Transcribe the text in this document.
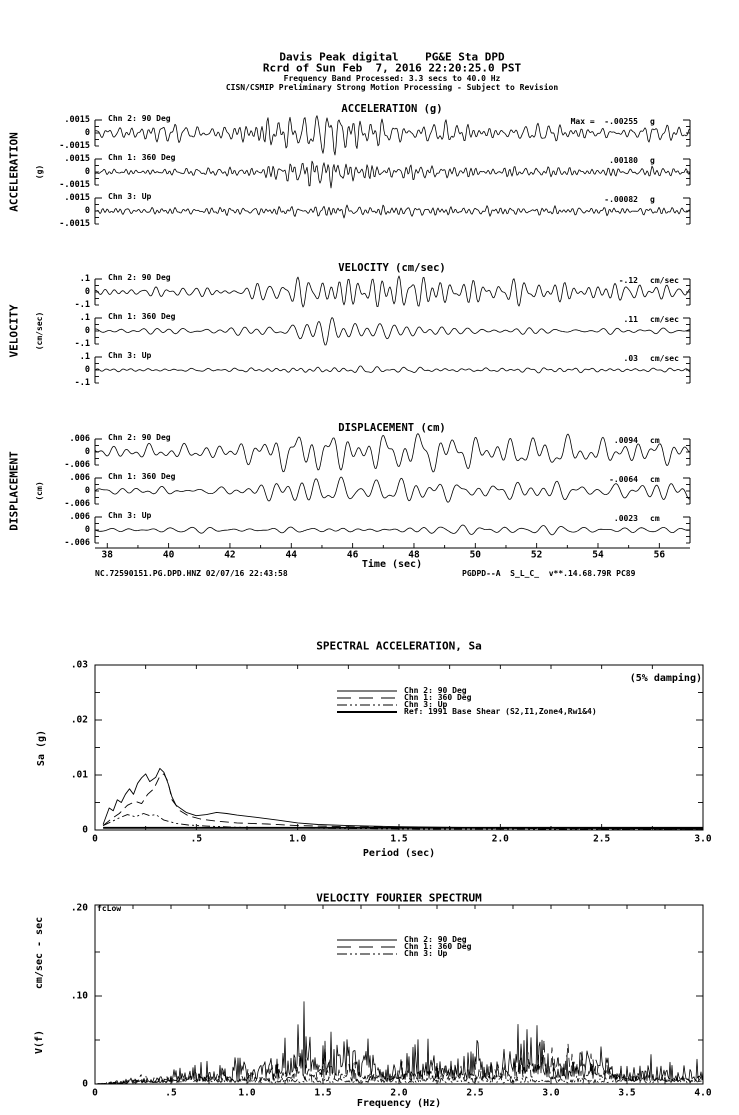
Davis Peak digital    PG&E Sta DPD
Rcrd of Sun Feb  7, 2016 22:20:25.0 PST
Frequency Band Processed: 3.3 secs to 40.0 Hz
CISN/CSMIP Preliminary Strong Motion Processing - Subject to Revision
Time (sec)
NC.72590151.PG.DPD.HNZ 02/07/16 22:43:58	PGDPD--A  S_L_C_  v**.14.68.79R PC89
SPECTRAL ACCELERATION, Sa
(5% damping)
Sa (g)
Period (sec)
VELOCITY FOURIER SPECTRUM
cm/sec - sec
V(f)
fcLow
Frequency (Hz)
ACCELERATION (g)
ACCELERATION (g)
.0015
0
-.0015
Chn 2: 90 Deg	Max =  -.00255 g
.0015
0
-.0015
Chn 1: 360 Deg	.00180 g
.0015
0
-.0015
Chn 3: Up	-.00082 g
VELOCITY (cm/sec)
VELOCITY (cm/sec)
.1
0
-.1
Chn 2: 90 Deg	-.12 cm/sec
.1
0
-.1
Chn 1: 360 Deg	.11 cm/sec
.1
0
-.1
Chn 3: Up	.03 cm/sec
DISPLACEMENT (cm)
DISPLACEMENT (cm)
.006
0
-.006
Chn 2: 90 Deg	.0094 cm
.006
0
-.006
Chn 1: 360 Deg	-.0064 cm
.006
0
-.006
Chn 3: Up	.0023 cm
38	40	42	44	46	48	50	52	54	56
.03
.02
.01
0
0	.5	1.0	1.5	2.0	2.5	3.0
Chn 2: 90 Deg
Chn 1: 360 Deg
Chn 3: Up
Ref: 1991 Base Shear (S2,I1,Zone4,Rw1&4)
.20
.10
0
0	.5	1.0	1.5	2.0	2.5	3.0	3.5	4.0
Chn 2: 90 Deg
Chn 1: 360 Deg
Chn 3: Up
